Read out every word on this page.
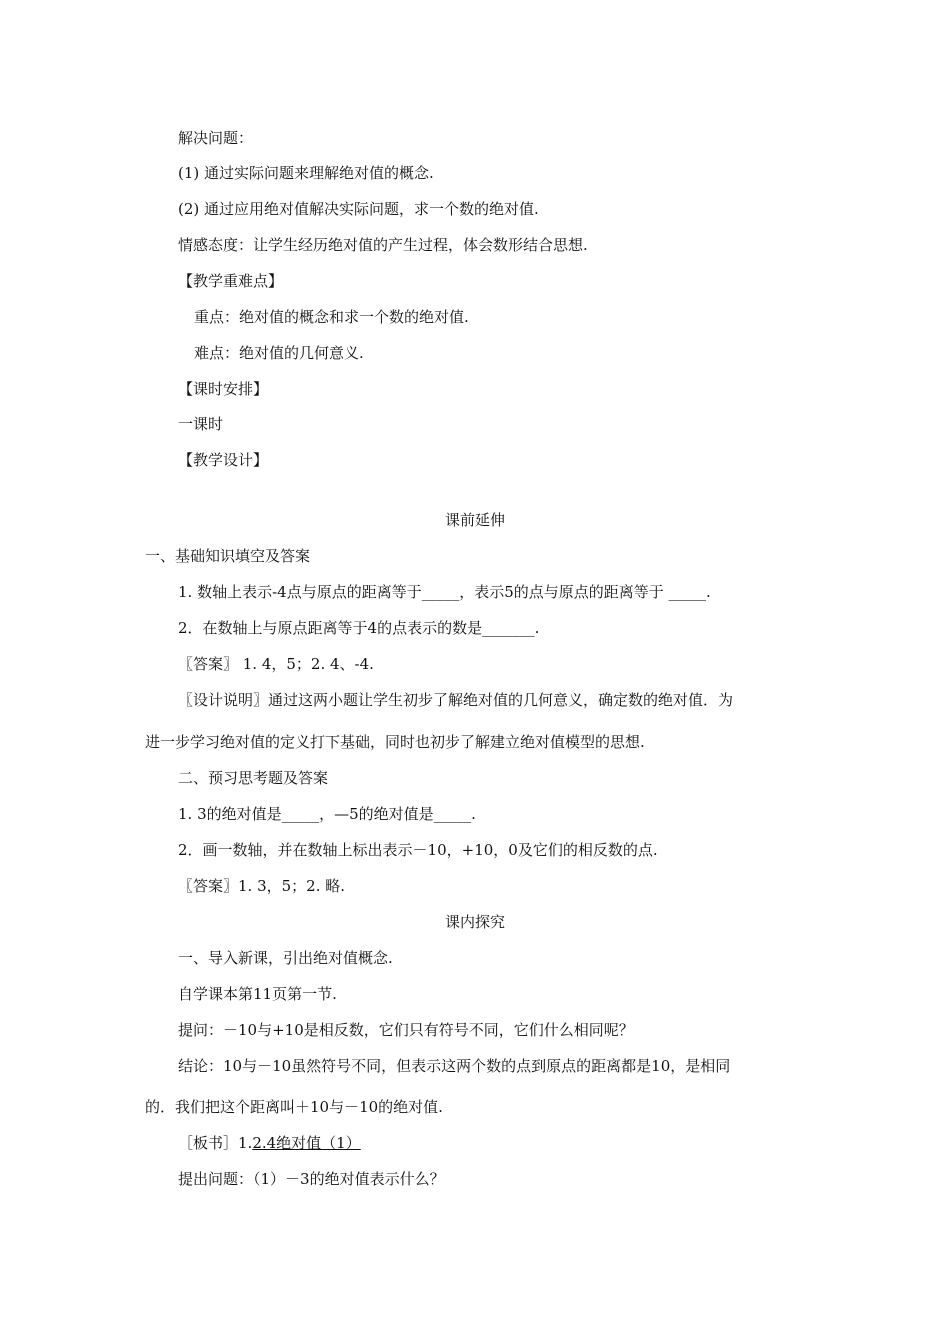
解决问题：

(1) 通过实际问题来理解绝对值的概念.

(2) 通过应用绝对值解决实际问题，求一个数的绝对值.

情感态度：让学生经历绝对值的产生过程，体会数形结合思想.

【教学重难点】

重点：绝对值的概念和求一个数的绝对值.

难点：绝对值的几何意义.

【课时安排】

一课时

【教学设计】

课前延伸

一、基础知识填空及答案

1. 数轴上表示-4点与原点的距离等于_____，表示5的点与原点的距离等于 _____.

2．在数轴上与原点距离等于4的点表示的数是_______.

〖答案〗 1. 4，5；2. 4、-4.

〖设计说明〗通过这两小题让学生初步了解绝对值的几何意义，确定数的绝对值．为

进一步学习绝对值的定义打下基础，同时也初步了解建立绝对值模型的思想.

二、预习思考题及答案

1. 3的绝对值是_____，—5的绝对值是_____.

2．画一数轴，并在数轴上标出表示－10，+10，0及它们的相反数的点.

〖答案〗1. 3，5；2. 略.

课内探究

一、导入新课，引出绝对值概念.

自学课本第11页第一节.

提问：－10与+10是相反数，它们只有符号不同，它们什么相同呢？

结论：10与－10虽然符号不同，但表示这两个数的点到原点的距离都是10，是相同

的．我们把这个距离叫＋10与－10的绝对值.

［板书］1.2.4绝对值（1）

提出问题：（1）－3的绝对值表示什么？
